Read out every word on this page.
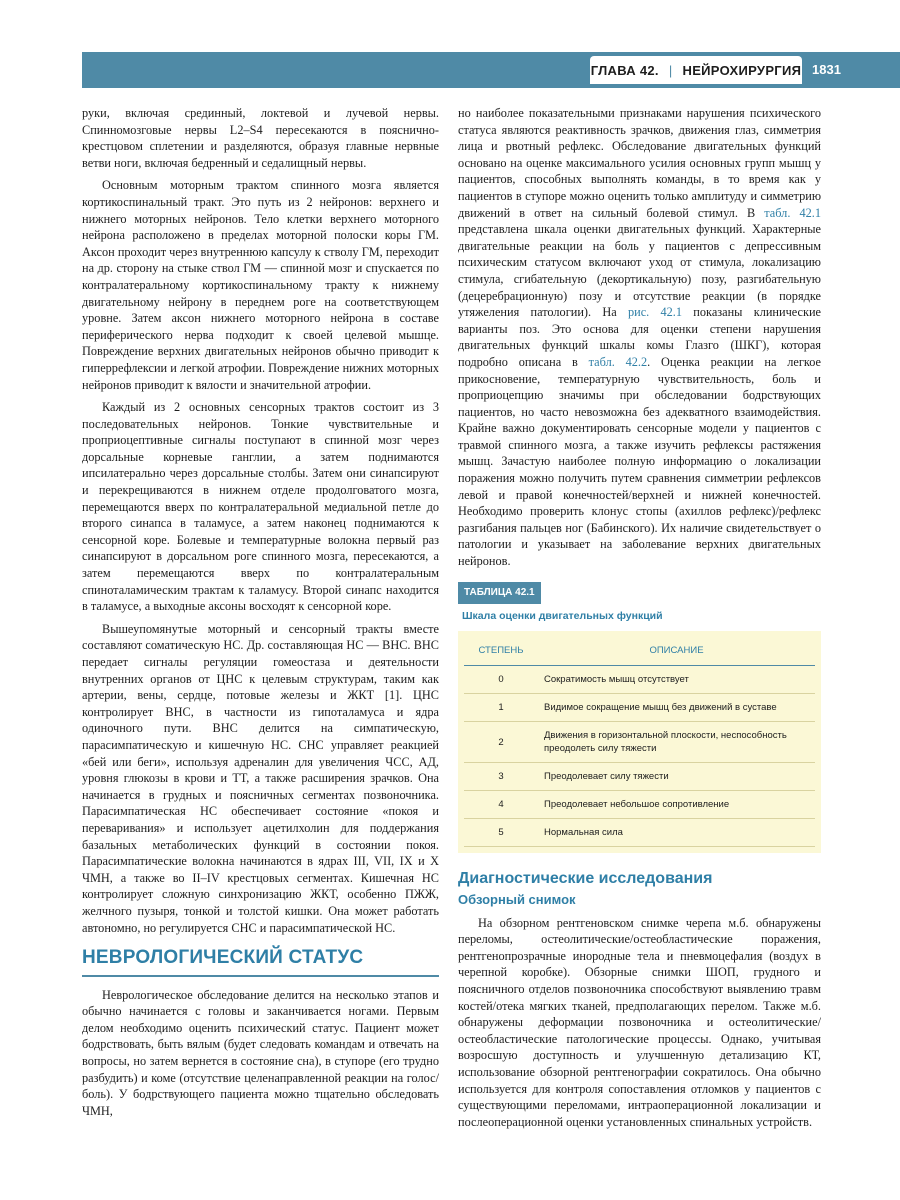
ГЛАВА 42. | НЕЙРОХИРУРГИЯ 1831

руки, включая срединный, локтевой и лучевой нервы. Спинномозговые нервы L2–S4 пересекаются в пояснично-крестцовом сплетении и разделяются, образуя главные нервные ветви ноги, включая бедренный и седалищный нервы.

Основным моторным трактом спинного мозга является кортикоспинальный тракт. Это путь из 2 нейронов: верхнего и нижнего моторных нейронов. Тело клетки верхнего моторного нейрона расположено в пределах моторной полоски коры ГМ. Аксон проходит через внутреннюю капсулу к стволу ГМ, переходит на др. сторону на стыке ствол ГМ — спинной мозг и спускается по контралатеральному кортикоспинальному тракту к нижнему двигательному нейрону в переднем роге на соответствующем уровне. Затем аксон нижнего моторного нейрона в составе периферического нерва подходит к своей целевой мышце. Повреждение верхних двигательных нейронов обычно приводит к гиперрефлексии и легкой атрофии. Повреждение нижних моторных нейронов приводит к вялости и значительной атрофии.

Каждый из 2 основных сенсорных трактов состоит из 3 последовательных нейронов. Тонкие чувствительные и проприоцептивные сигналы поступают в спинной мозг через дорсальные корневые ганглии, а затем поднимаются ипсилатерально через дорсальные столбы. Затем они синапсируют и перекрещиваются в нижнем отделе продолговатого мозга, перемещаются вверх по контралатеральной медиальной петле до второго синапса в таламусе, а затем наконец поднимаются к сенсорной коре. Болевые и температурные волокна первый раз синапсируют в дорсальном роге спинного мозга, пересекаются, а затем перемещаются вверх по контралатеральным спиноталамическим трактам к таламусу. Второй синапс находится в таламусе, а выходные аксоны восходят к сенсорной коре.

Вышеупомянутые моторный и сенсорный тракты вместе составляют соматическую НС. Др. составляющая НС — ВНС. ВНС передает сигналы регуляции гомеостаза и деятельности внутренних органов от ЦНС к целевым структурам, таким как артерии, вены, сердце, потовые железы и ЖКТ [1]. ЦНС контролирует ВНС, в частности из гипоталамуса и ядра одиночного пути. ВНС делится на симпатическую, парасимпатическую и кишечную НС. СНС управляет реакцией «бей или беги», используя адреналин для увеличения ЧСС, АД, уровня глюкозы в крови и ТТ, а также расширения зрачков. Она начинается в грудных и поясничных сегментах позвоночника. Парасимпатическая НС обеспечивает состояние «покоя и переваривания» и использует ацетилхолин для поддержания базальных метаболических функций в состоянии покоя. Парасимпатические волокна начинаются в ядрах III, VII, IX и X ЧМН, а также во II–IV крестцовых сегментах. Кишечная НС контролирует сложную синхронизацию ЖКТ, особенно ПЖЖ, желчного пузыря, тонкой и толстой кишки. Она может работать автономно, но регулируется СНС и парасимпатической НС.

НЕВРОЛОГИЧЕСКИЙ СТАТУС

Неврологическое обследование делится на несколько этапов и обычно начинается с головы и заканчивается ногами. Первым делом необходимо оценить психический статус. Пациент может бодрствовать, быть вялым (будет следовать командам и отвечать на вопросы, но затем вернется в состояние сна), в ступоре (его трудно разбудить) и коме (отсутствие целенаправленной реакции на голос/боль). У бодрствующего пациента можно тщательно обследовать ЧМН,

но наиболее показательными признаками нарушения психического статуса являются реактивность зрачков, движения глаз, симметрия лица и рвотный рефлекс. Обследование двигательных функций основано на оценке максимального усилия основных групп мышц у пациентов, способных выполнять команды, в то время как у пациентов в ступоре можно оценить только амплитуду и симметрию движений в ответ на сильный болевой стимул. В табл. 42.1 представлена шкала оценки двигательных функций. Характерные двигательные реакции на боль у пациентов с депрессивным психическим статусом включают уход от стимула, локализацию стимула, сгибательную (декортикальную) позу, разгибательную (децеребрационную) позу и отсутствие реакции (в порядке утяжеления патологии). На рис. 42.1 показаны клинические варианты поз. Это основа для оценки степени нарушения двигательных функций шкалы комы Глазго (ШКГ), которая подробно описана в табл. 42.2. Оценка реакции на легкое прикосновение, температурную чувствительность, боль и проприоцепцию значимы при обследовании бодрствующих пациентов, но часто невозможна без адекватного взаимодействия. Крайне важно документировать сенсорные модели у пациентов с травмой спинного мозга, а также изучить рефлексы растяжения мышц. Зачастую наиболее полную информацию о локализации поражения можно получить путем сравнения симметрии рефлексов левой и правой конечностей/верхней и нижней конечностей. Необходимо проверить клонус стопы (ахиллов рефлекс)/рефлекс разгибания пальцев ног (Бабинского). Их наличие свидетельствует о патологии и указывает на заболевание верхних двигательных нейронов.

ТАБЛИЦА 42.1
Шкала оценки двигательных функций
СТЕПЕНЬ	ОПИСАНИЕ
0	Сократимость мышц отсутствует
1	Видимое сокращение мышц без движений в суставе
2	Движения в горизонтальной плоскости, неспособность преодолеть силу тяжести
3	Преодолевает силу тяжести
4	Преодолевает небольшое сопротивление
5	Нормальная сила
Диагностические исследования
Обзорный снимок

На обзорном рентгеновском снимке черепа м.б. обнаружены переломы, остеолитические/остеобластические поражения, рентгенопрозрачные инородные тела и пневмоцефалия (воздух в черепной коробке). Обзорные снимки ШОП, грудного и поясничного отделов позвоночника способствуют выявлению травм костей/отека мягких тканей, предполагающих перелом. Также м.б. обнаружены деформации позвоночника и остеолитические/остеобластические патологические процессы. Однако, учитывая возросшую доступность и улучшенную детализацию КТ, использование обзорной рентгенографии сократилось. Она обычно используется для контроля сопоставления отломков у пациентов с существующими переломами, интраоперационной локализации и послеоперационной оценки установленных спинальных устройств.
